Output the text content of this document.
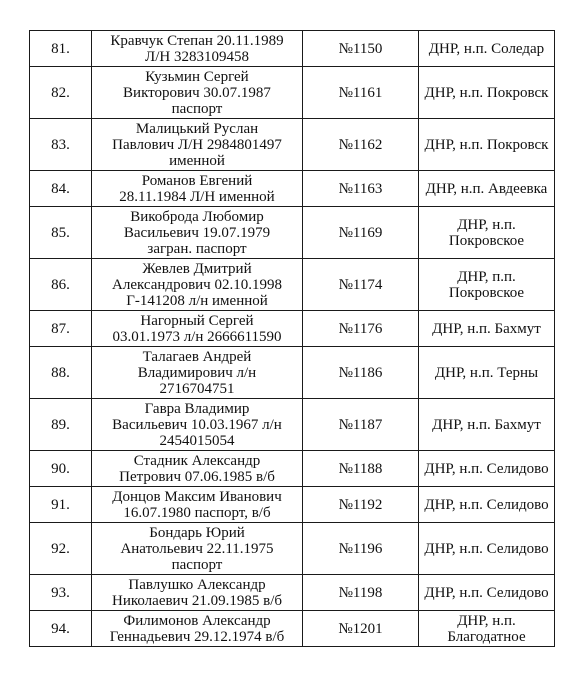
81.	Кравчук Степан 20.11.1989
Л/Н 3283109458	№1150	ДНР, н.п. Соледар
82.	Кузьмин Сергей
Викторович 30.07.1987
паспорт	№1161	ДНР, н.п. Покровск
83.	Малицький Руслан
Павлович Л/Н 2984801497
именной	№1162	ДНР, н.п. Покровск
84.	Романов Евгений
28.11.1984 Л/Н именной	№1163	ДНР, н.п. Авдеевка
85.	Викоброда Любомир
Васильевич 19.07.1979
загран. паспорт	№1169	ДНР, н.п. Покровское
86.	Жевлев Дмитрий
Александрович 02.10.1998
Г-141208 л/н именной	№1174	ДНР, п.п. Покровское
87.	Нагорный Сергей
03.01.1973 л/н 2666611590	№1176	ДНР, н.п. Бахмут
88.	Талагаев Андрей
Владимирович л/н
2716704751	№1186	ДНР, н.п. Терны
89.	Гавра Владимир
Васильевич 10.03.1967 л/н
2454015054	№1187	ДНР, н.п. Бахмут
90.	Стадник Александр
Петрович 07.06.1985 в/б	№1188	ДНР, н.п. Селидово
91.	Донцов Максим Иванович
16.07.1980 паспорт, в/б	№1192	ДНР, н.п. Селидово
92.	Бондарь Юрий
Анатольевич 22.11.1975
паспорт	№1196	ДНР, н.п. Селидово
93.	Павлушко Александр
Николаевич 21.09.1985 в/б	№1198	ДНР, н.п. Селидово
94.	Филимонов Александр
Геннадьевич 29.12.1974 в/б	№1201	ДНР, н.п. Благодатное
